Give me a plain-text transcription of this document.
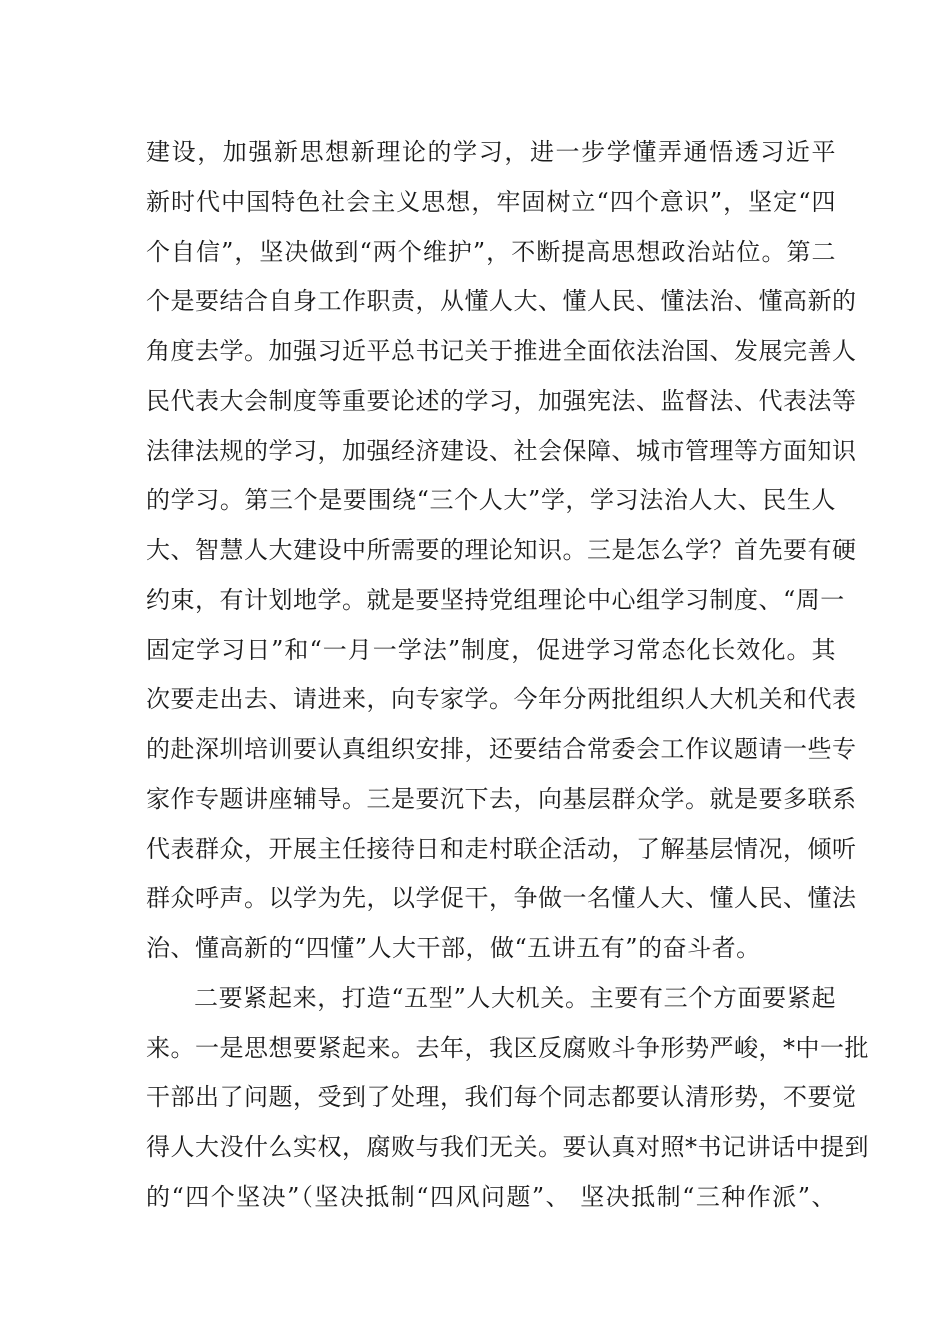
建设，加强新思想新理论的学习，进一步学懂弄通悟透习近平
新时代中国特色社会主义思想，牢固树立“四个意识”，坚定“四
个自信”，坚决做到“两个维护”，不断提高思想政治站位。第二
个是要结合自身工作职责，从懂人大、懂人民、懂法治、懂高新的
角度去学。加强习近平总书记关于推进全面依法治国、发展完善人
民代表大会制度等重要论述的学习，加强宪法、监督法、代表法等
法律法规的学习，加强经济建设、社会保障、城市管理等方面知识
的学习。第三个是要围绕“三个人大”学，学习法治人大、民生人
大、智慧人大建设中所需要的理论知识。三是怎么学？首先要有硬
约束，有计划地学。就是要坚持党组理论中心组学习制度、“周一
固定学习日”和“一月一学法”制度，促进学习常态化长效化。其
次要走出去、请进来，向专家学。今年分两批组织人大机关和代表
的赴深圳培训要认真组织安排，还要结合常委会工作议题请一些专
家作专题讲座辅导。三是要沉下去，向基层群众学。就是要多联系
代表群众，开展主任接待日和走村联企活动，了解基层情况，倾听
群众呼声。以学为先，以学促干，争做一名懂人大、懂人民、懂法
治、懂高新的“四懂”人大干部，做“五讲五有”的奋斗者。
二要紧起来，打造“五型”人大机关。主要有三个方面要紧起
来。一是思想要紧起来。去年，我区反腐败斗争形势严峻，*中一批
干部出了问题，受到了处理，我们每个同志都要认清形势，不要觉
得人大没什么实权，腐败与我们无关。要认真对照*书记讲话中提到
的“四个坚决”（坚决抵制“四风问题”、 坚决抵制“三种作派”、
